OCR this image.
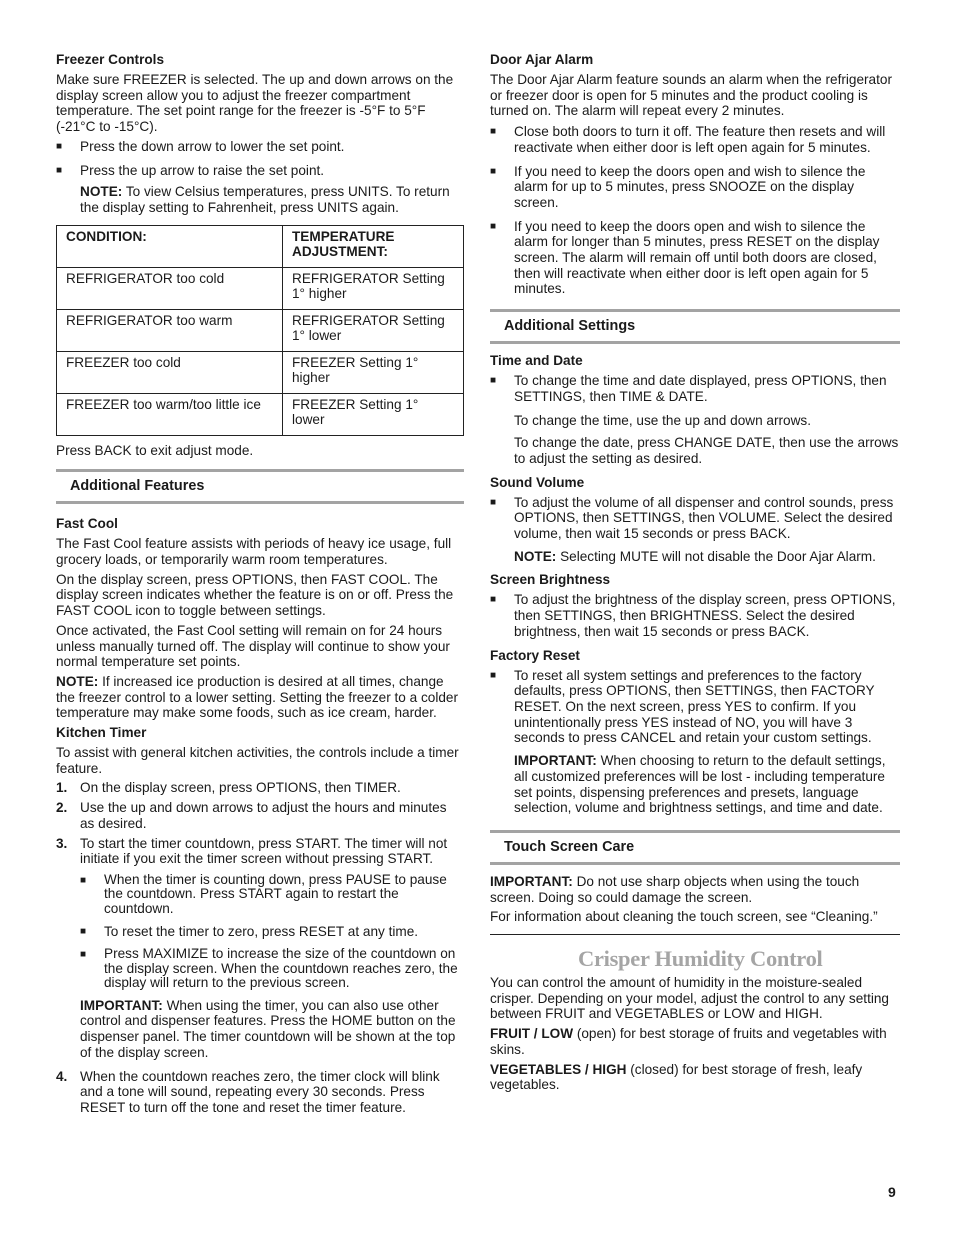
Freezer Controls

Make sure FREEZER is selected. The up and down arrows on the display screen allow you to adjust the freezer compartment temperature. The set point range for the freezer is -5°F to 5°F (-21°C to -15°C).

■	Press the down arrow to lower the set point.
■	Press the up arrow to raise the set point.

NOTE: To view Celsius temperatures, press UNITS. To return the display setting to Fahrenheit, press UNITS again.

CONDITION:	TEMPERATURE ADJUSTMENT:
REFRIGERATOR too cold	REFRIGERATOR Setting 1° higher
REFRIGERATOR too warm	REFRIGERATOR Setting 1° lower
FREEZER too cold	FREEZER Setting 1° higher
FREEZER too warm/too little ice	FREEZER Setting 1° lower

Press BACK to exit adjust mode.

Additional Features
Fast Cool

The Fast Cool feature assists with periods of heavy ice usage, full grocery loads, or temporarily warm room temperatures.

On the display screen, press OPTIONS, then FAST COOL. The display screen indicates whether the feature is on or off. Press the FAST COOL icon to toggle between settings.

Once activated, the Fast Cool setting will remain on for 24 hours unless manually turned off. The display will continue to show your normal temperature set points.

NOTE: If increased ice production is desired at all times, change the freezer control to a lower setting. Setting the freezer to a colder temperature may make some foods, such as ice cream, harder.

Kitchen Timer

To assist with general kitchen activities, the controls include a timer feature.

1. On the display screen, press OPTIONS, then TIMER.
2. Use the up and down arrows to adjust the hours and minutes as desired.
3. To start the timer countdown, press START. The timer will not initiate if you exit the timer screen without pressing START.
■	When the timer is counting down, press PAUSE to pause the countdown. Press START again to restart the countdown.
■	To reset the timer to zero, press RESET at any time.
■	Press MAXIMIZE to increase the size of the countdown on the display screen. When the countdown reaches zero, the display will return to the previous screen.

IMPORTANT: When using the timer, you can also use other control and dispenser features. Press the HOME button on the dispenser panel. The timer countdown will be shown at the top of the display screen.

4. When the countdown reaches zero, the timer clock will blink and a tone will sound, repeating every 30 seconds. Press RESET to turn off the tone and reset the timer feature.
Door Ajar Alarm

The Door Ajar Alarm feature sounds an alarm when the refrigerator or freezer door is open for 5 minutes and the product cooling is turned on. The alarm will repeat every 2 minutes.

■	Close both doors to turn it off. The feature then resets and will reactivate when either door is left open again for 5 minutes.
■	If you need to keep the doors open and wish to silence the alarm for up to 5 minutes, press SNOOZE on the display screen.
■	If you need to keep the doors open and wish to silence the alarm for longer than 5 minutes, press RESET on the display screen. The alarm will remain off until both doors are closed, then will reactivate when either door is left open again for 5 minutes.
Additional Settings
Time and Date
■	To change the time and date displayed, press OPTIONS, then SETTINGS, then TIME & DATE.

To change the time, use the up and down arrows.

To change the date, press CHANGE DATE, then use the arrows to adjust the setting as desired.

Sound Volume
■	To adjust the volume of all dispenser and control sounds, press OPTIONS, then SETTINGS, then VOLUME. Select the desired volume, then wait 15 seconds or press BACK.

NOTE: Selecting MUTE will not disable the Door Ajar Alarm.

Screen Brightness
■	To adjust the brightness of the display screen, press OPTIONS, then SETTINGS, then BRIGHTNESS. Select the desired brightness, then wait 15 seconds or press BACK.
Factory Reset
■	To reset all system settings and preferences to the factory defaults, press OPTIONS, then SETTINGS, then FACTORY RESET. On the next screen, press YES to confirm. If you unintentionally press YES instead of NO, you will have 3 seconds to press CANCEL and retain your custom settings.

IMPORTANT: When choosing to return to the default settings, all customized preferences will be lost - including temperature set points, dispensing preferences and presets, language selection, volume and brightness settings, and time and date.

Touch Screen Care

IMPORTANT: Do not use sharp objects when using the touch screen. Doing so could damage the screen.

For information about cleaning the touch screen, see “Cleaning.”

Crisper Humidity Control

You can control the amount of humidity in the moisture-sealed crisper. Depending on your model, adjust the control to any setting between FRUIT and VEGETABLES or LOW and HIGH.

FRUIT / LOW (open) for best storage of fruits and vegetables with skins.

VEGETABLES / HIGH (closed) for best storage of fresh, leafy vegetables.

9
